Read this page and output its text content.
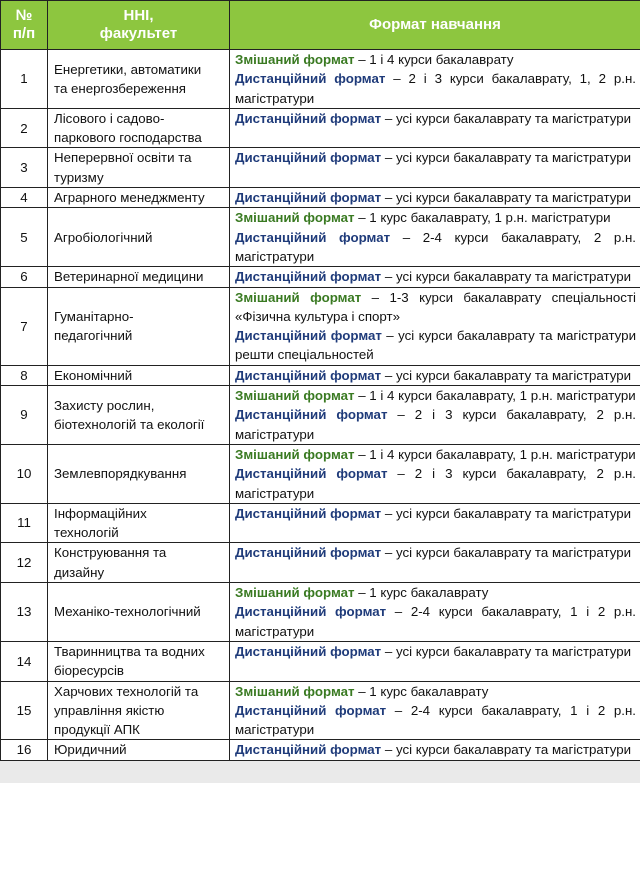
№
п/п	ННІ,
факультет	Формат навчання
1	Енергетики, автоматики
та енергозбереження	Змішаний формат – 1 і 4 курси бакалаврату
Дистанційний формат – 2 і 3 курси бакалаврату, 1, 2 р.н. магістратури

2	Лісового і садово-
паркового господарства	Дистанційний формат – усі курси бакалаврату та магістратури

3	Неперервної освіти та
туризму	Дистанційний формат – усі курси бакалаврату та магістратури

4	Аграрного менеджменту	Дистанційний формат – усі курси бакалаврату та магістратури

5	Агробіологічний	Змішаний формат – 1 курс бакалаврату, 1 р.н. магістратури
Дистанційний формат – 2-4 курси бакалаврату, 2 р.н. магістратури

6	Ветеринарної медицини	Дистанційний формат – усі курси бакалаврату та магістратури

7	Гуманітарно-
педагогічний	Змішаний формат – 1-3 курси бакалаврату спеціальності «Фізична культура і спорт»
Дистанційний формат – усі курси бакалаврату та магістратури решти спеціальностей

8	Економічний	Дистанційний формат – усі курси бакалаврату та магістратури

9	Захисту рослин,
біотехнологій та екології	Змішаний формат – 1 і 4 курси бакалаврату, 1 р.н. магістратури
Дистанційний формат – 2 і 3 курси бакалаврату, 2 р.н. магістратури

10	Землевпорядкування	Змішаний формат – 1 і 4 курси бакалаврату, 1 р.н. магістратури
Дистанційний формат – 2 і 3 курси бакалаврату, 2 р.н. магістратури

11	Інформаційних
технологій	Дистанційний формат – усі курси бакалаврату та магістратури

12	Конструювання та
дизайну	Дистанційний формат – усі курси бакалаврату та магістратури

13	Механіко-технологічний	Змішаний формат – 1 курс бакалаврату
Дистанційний формат – 2-4 курси бакалаврату, 1 і 2 р.н. магістратури

14	Тваринництва та водних
біоресурсів	Дистанційний формат – усі курси бакалаврату та магістратури

15	Харчових технологій та
управління якістю
продукції АПК	Змішаний формат – 1 курс бакалаврату
Дистанційний формат – 2-4 курси бакалаврату, 1 і 2 р.н. магістратури

16	Юридичний	Дистанційний формат – усі курси бакалаврату та магістратури
